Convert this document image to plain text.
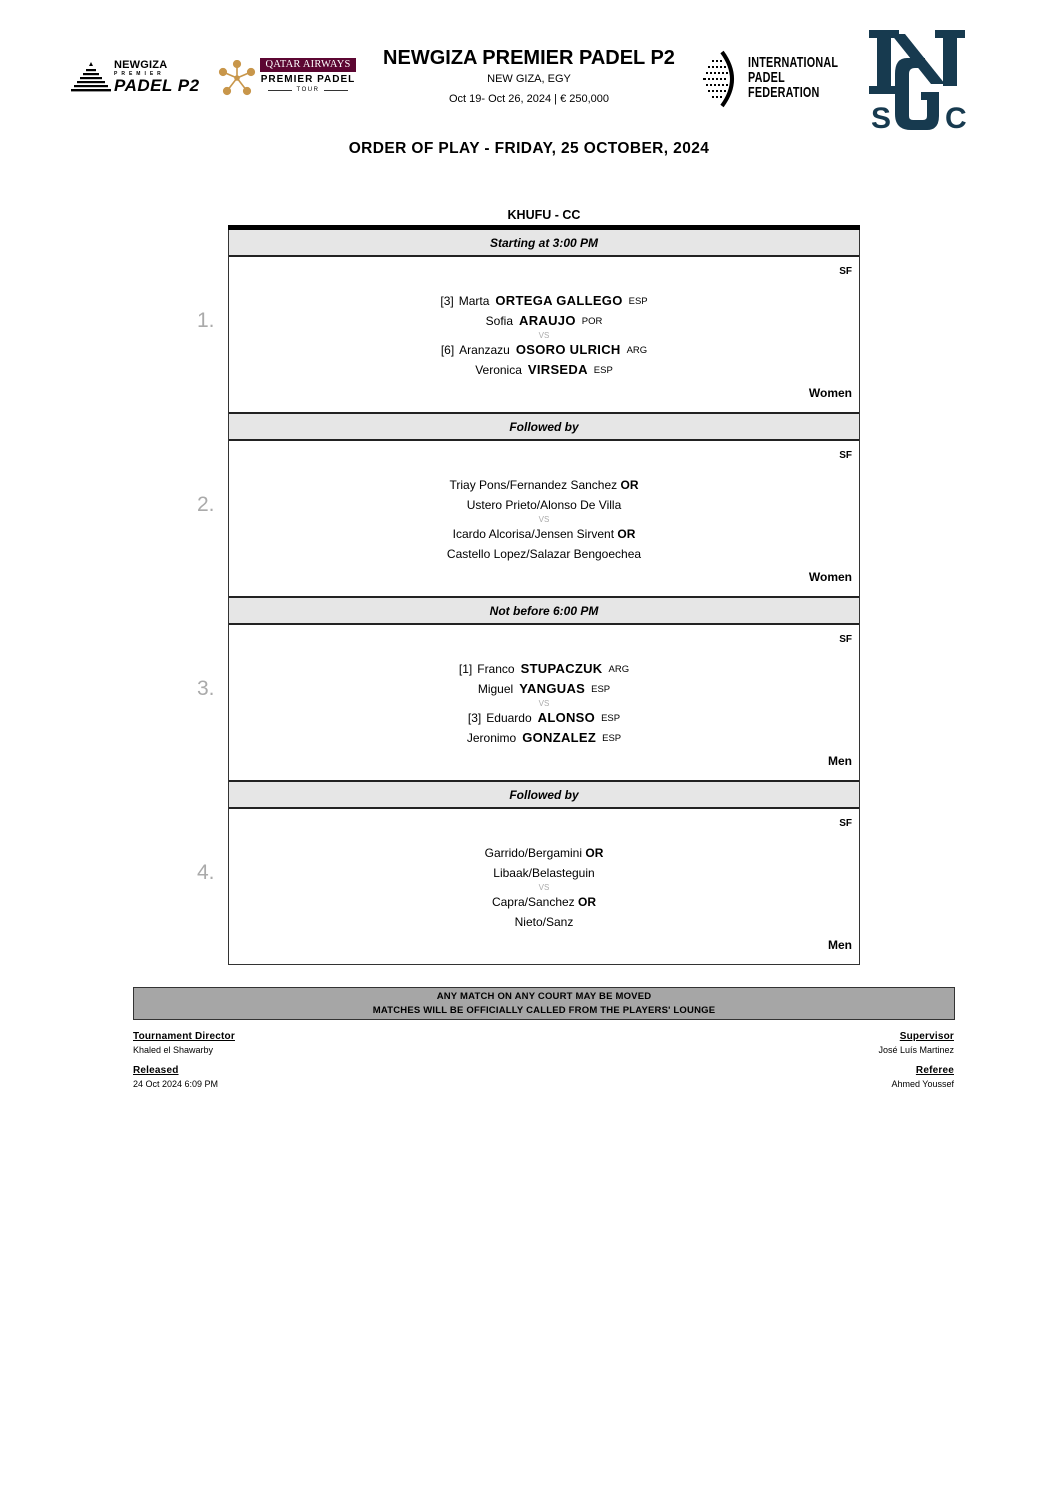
NEWGIZA
PREMIER
PADEL P2
QATAR AIRWAYS
PREMIER PADEL
TOUR
NEWGIZA PREMIER PADEL P2
NEW GIZA, EGY
Oct 19- Oct 26, 2024 | € 250,000
INTERNATIONAL
PADEL
FEDERATION
S C
ORDER OF PLAY - FRIDAY, 25 OCTOBER, 2024
KHUFU - CC
Starting at 3:00 PM
1.
SF
[3] Marta ORTEGA GALLEGO ESP
Sofia ARAUJO POR
VS
[6] Aranzazu OSORO ULRICH ARG
Veronica VIRSEDA ESP
Women
Followed by
2.
SF
Triay Pons/Fernandez Sanchez OR
Ustero Prieto/Alonso De Villa
VS
Icardo Alcorisa/Jensen Sirvent OR
Castello Lopez/Salazar Bengoechea
Women
Not before 6:00 PM
3.
SF
[1] Franco STUPACZUK ARG
Miguel YANGUAS ESP
VS
[3] Eduardo ALONSO ESP
Jeronimo GONZALEZ ESP
Men
Followed by
4.
SF
Garrido/Bergamini OR
Libaak/Belasteguin
VS
Capra/Sanchez OR
Nieto/Sanz
Men
ANY MATCH ON ANY COURT MAY BE MOVED
MATCHES WILL BE OFFICIALLY CALLED FROM THE PLAYERS' LOUNGE
Tournament Director
Khaled el Shawarby
Released
24 Oct 2024 6:09 PM
Supervisor
José Luís Martinez
Referee
Ahmed Youssef
